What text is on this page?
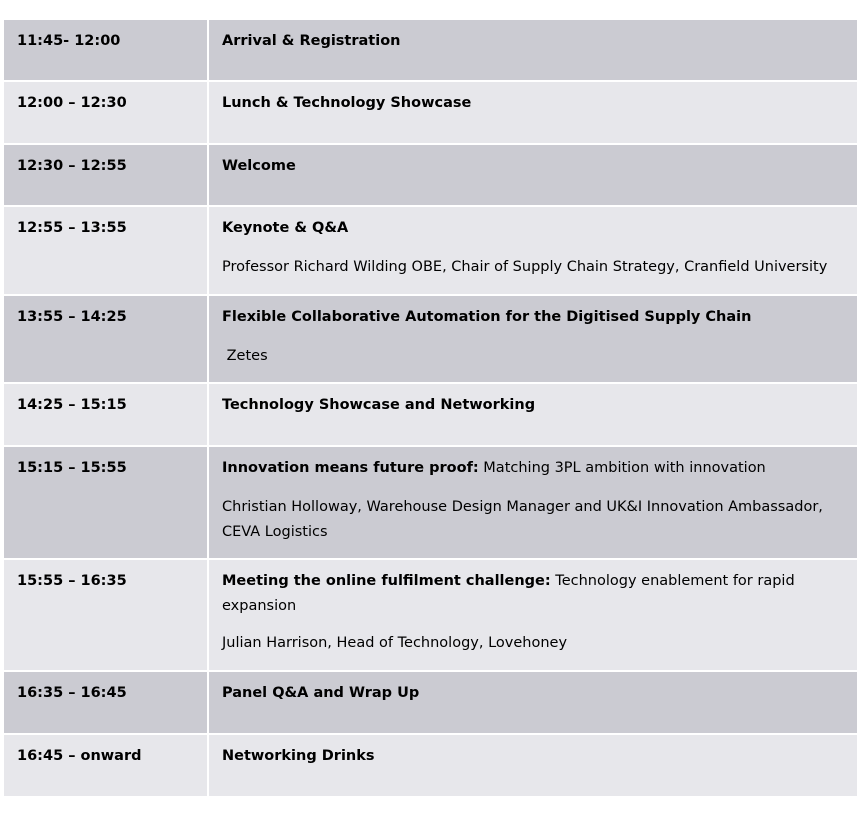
11:45- 12:00	Arrival & Registration
12:00 – 12:30	Lunch & Technology Showcase
12:30 – 12:55	Welcome
12:55 – 13:55	Keynote & Q&A
Professor Richard Wilding OBE, Chair of Supply Chain Strategy, Cranfield University
13:55 – 14:25	Flexible Collaborative Automation for the Digitised Supply Chain
Zetes
14:25 – 15:15	Technology Showcase and Networking
15:15 – 15:55	Innovation means future proof: Matching 3PL ambition with innovation
Christian Holloway, Warehouse Design Manager and UK&I Innovation Ambassador, CEVA Logistics
15:55 – 16:35	Meeting the online fulfilment challenge: Technology enablement for rapid expansion
Julian Harrison, Head of Technology, Lovehoney
16:35 – 16:45	Panel Q&A and Wrap Up
16:45 – onward	Networking Drinks
